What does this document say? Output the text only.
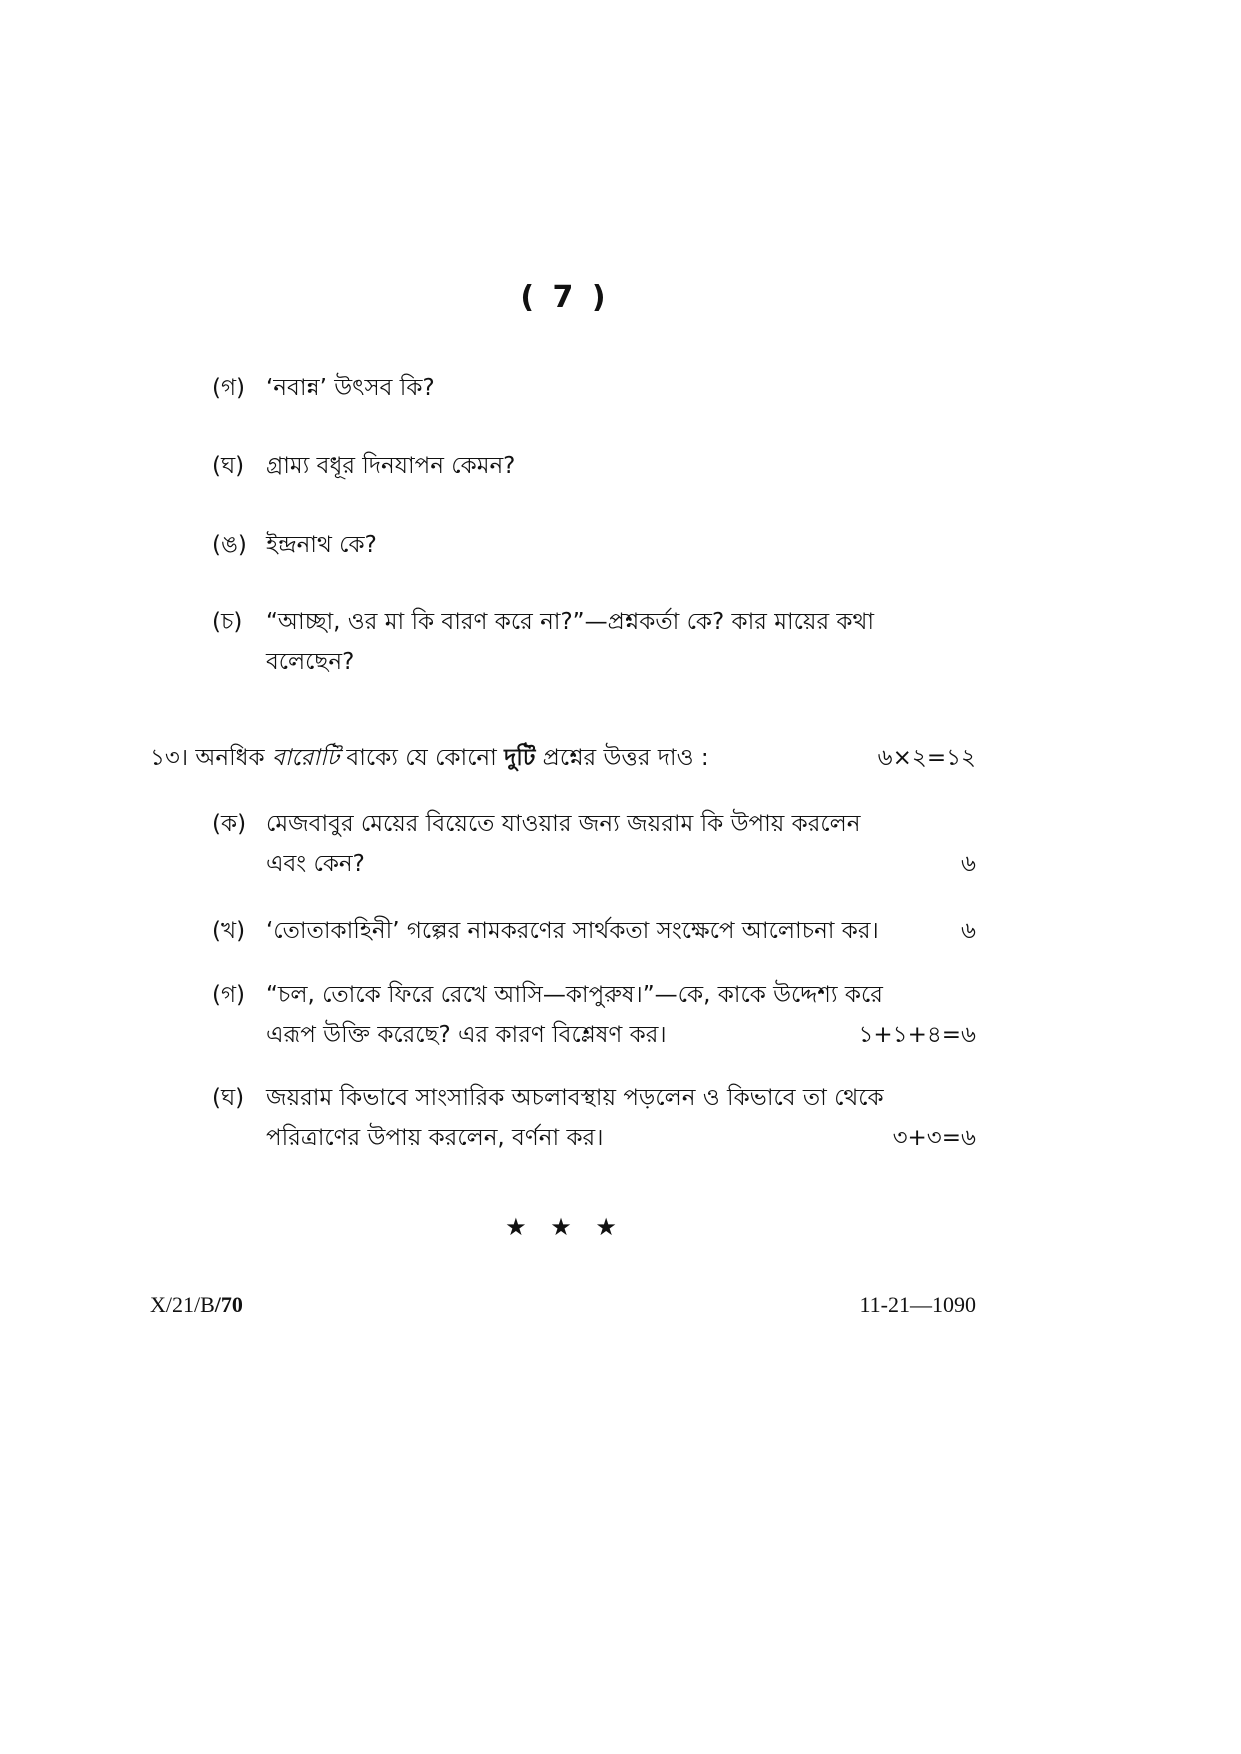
( 7 )
(গ) ‘নবান্ন’ উৎসব কি?
(ঘ) গ্রাম্য বধূর দিনযাপন কেমন?
(ঙ) ইন্দ্রনাথ কে?
(চ) “আচ্ছা, ওর মা কি বারণ করে না?”—প্রশ্নকর্তা কে? কার মায়ের কথা
বলেছেন?
১৩। অনধিক বারোটি বাক্যে যে কোনো দুটি প্রশ্নের উত্তর দাও :	৬×২=১২
(ক) মেজবাবুর মেয়ের বিয়েতে যাওয়ার জন্য জয়রাম কি উপায় করলেন
এবং কেন?	৬
(খ) ‘তোতাকাহিনী’ গল্পের নামকরণের সার্থকতা সংক্ষেপে আলোচনা কর।	৬
(গ) “চল, তোকে ফিরে রেখে আসি—কাপুরুষ।”—কে, কাকে উদ্দেশ্য করে
এরূপ উক্তি করেছে? এর কারণ বিশ্লেষণ কর।	১+১+৪=৬
(ঘ) জয়রাম কিভাবে সাংসারিক অচলাবস্থায় পড়লেন ও কিভাবে তা থেকে
পরিত্রাণের উপায় করলেন, বর্ণনা কর।	৩+৩=৬
★ ★ ★
X/21/B/70	11-21—1090
